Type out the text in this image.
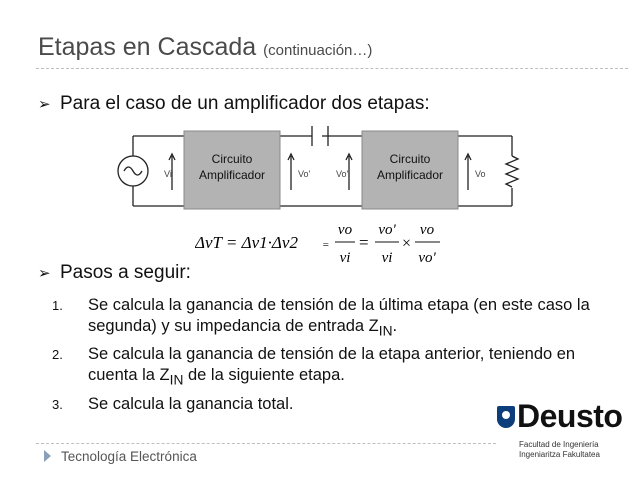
Etapas en Cascada (continuación…)
➢ Para el caso de un amplificador dos etapas:
Circuito
Amplificador
Circuito
Amplificador
Vi	Vo'	Vo'	Vo
ΔvT = Δv1·Δv2 =
vo
vi
=
vo'
vi
×
vo
vo'
➢ Pasos a seguir:
1. Se calcula la ganancia de tensión de la última etapa (en este caso la segunda) y su impedancia de entrada $Z_{IN}$.
2. Se calcula la ganancia de tensión de la etapa anterior, teniendo en cuenta la $Z_{IN}$ de la siguiente etapa.
3. Se calcula la ganancia total.
Tecnología Electrónica
Deusto
Facultad de Ingeniería
Ingeniaritza Fakultatea
